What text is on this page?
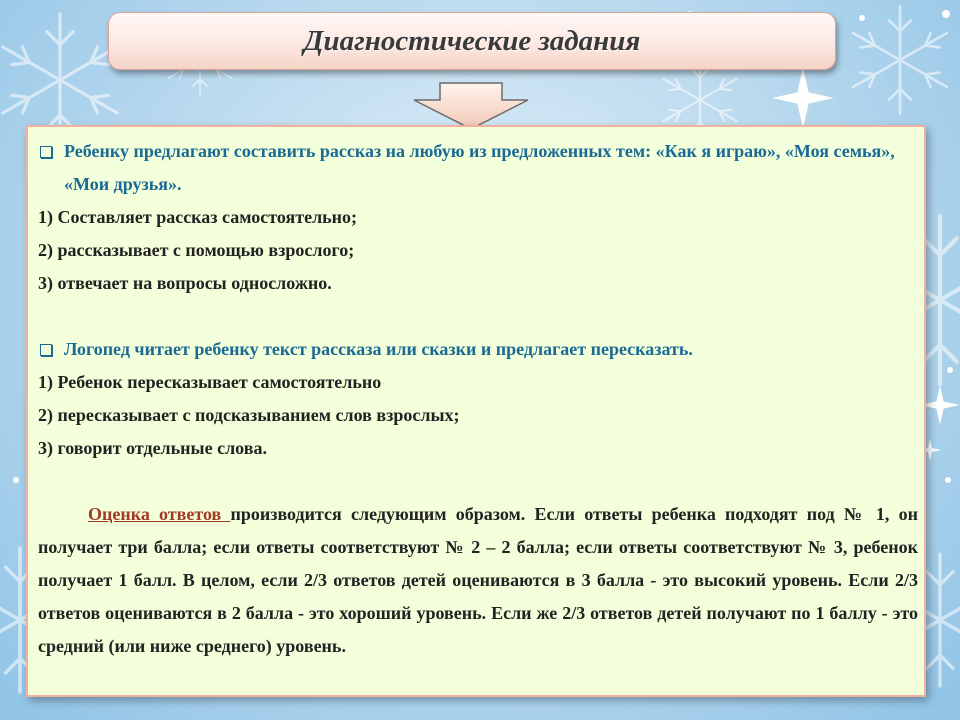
Диагностические задания
Ребенку предлагают составить рассказ на любую из предложенных тем: «Как я играю», «Моя семья», «Мои друзья».
1) Составляет рассказ самостоятельно;
2) рассказывает с помощью взрослого;
3) отвечает на вопросы односложно.
Логопед читает ребенку текст рассказа или сказки и предлагает пересказать.
1) Ребенок пересказывает самостоятельно
2) пересказывает с подсказыванием слов взрослых;
3) говорит отдельные слова.
Оценка ответов производится следующим образом. Если ответы ребенка подходят под № 1, он получает три балла; если ответы соответствуют № 2 – 2 балла; если ответы соответствуют № 3, ребенок получает 1 балл. В целом, если 2/3 ответов детей оцениваются в 3 балла - это высокий уровень. Если 2/3 ответов оцениваются в 2 балла - это хороший уровень. Если же 2/3 ответов детей получают по 1 баллу - это средний (или ниже среднего) уровень.
